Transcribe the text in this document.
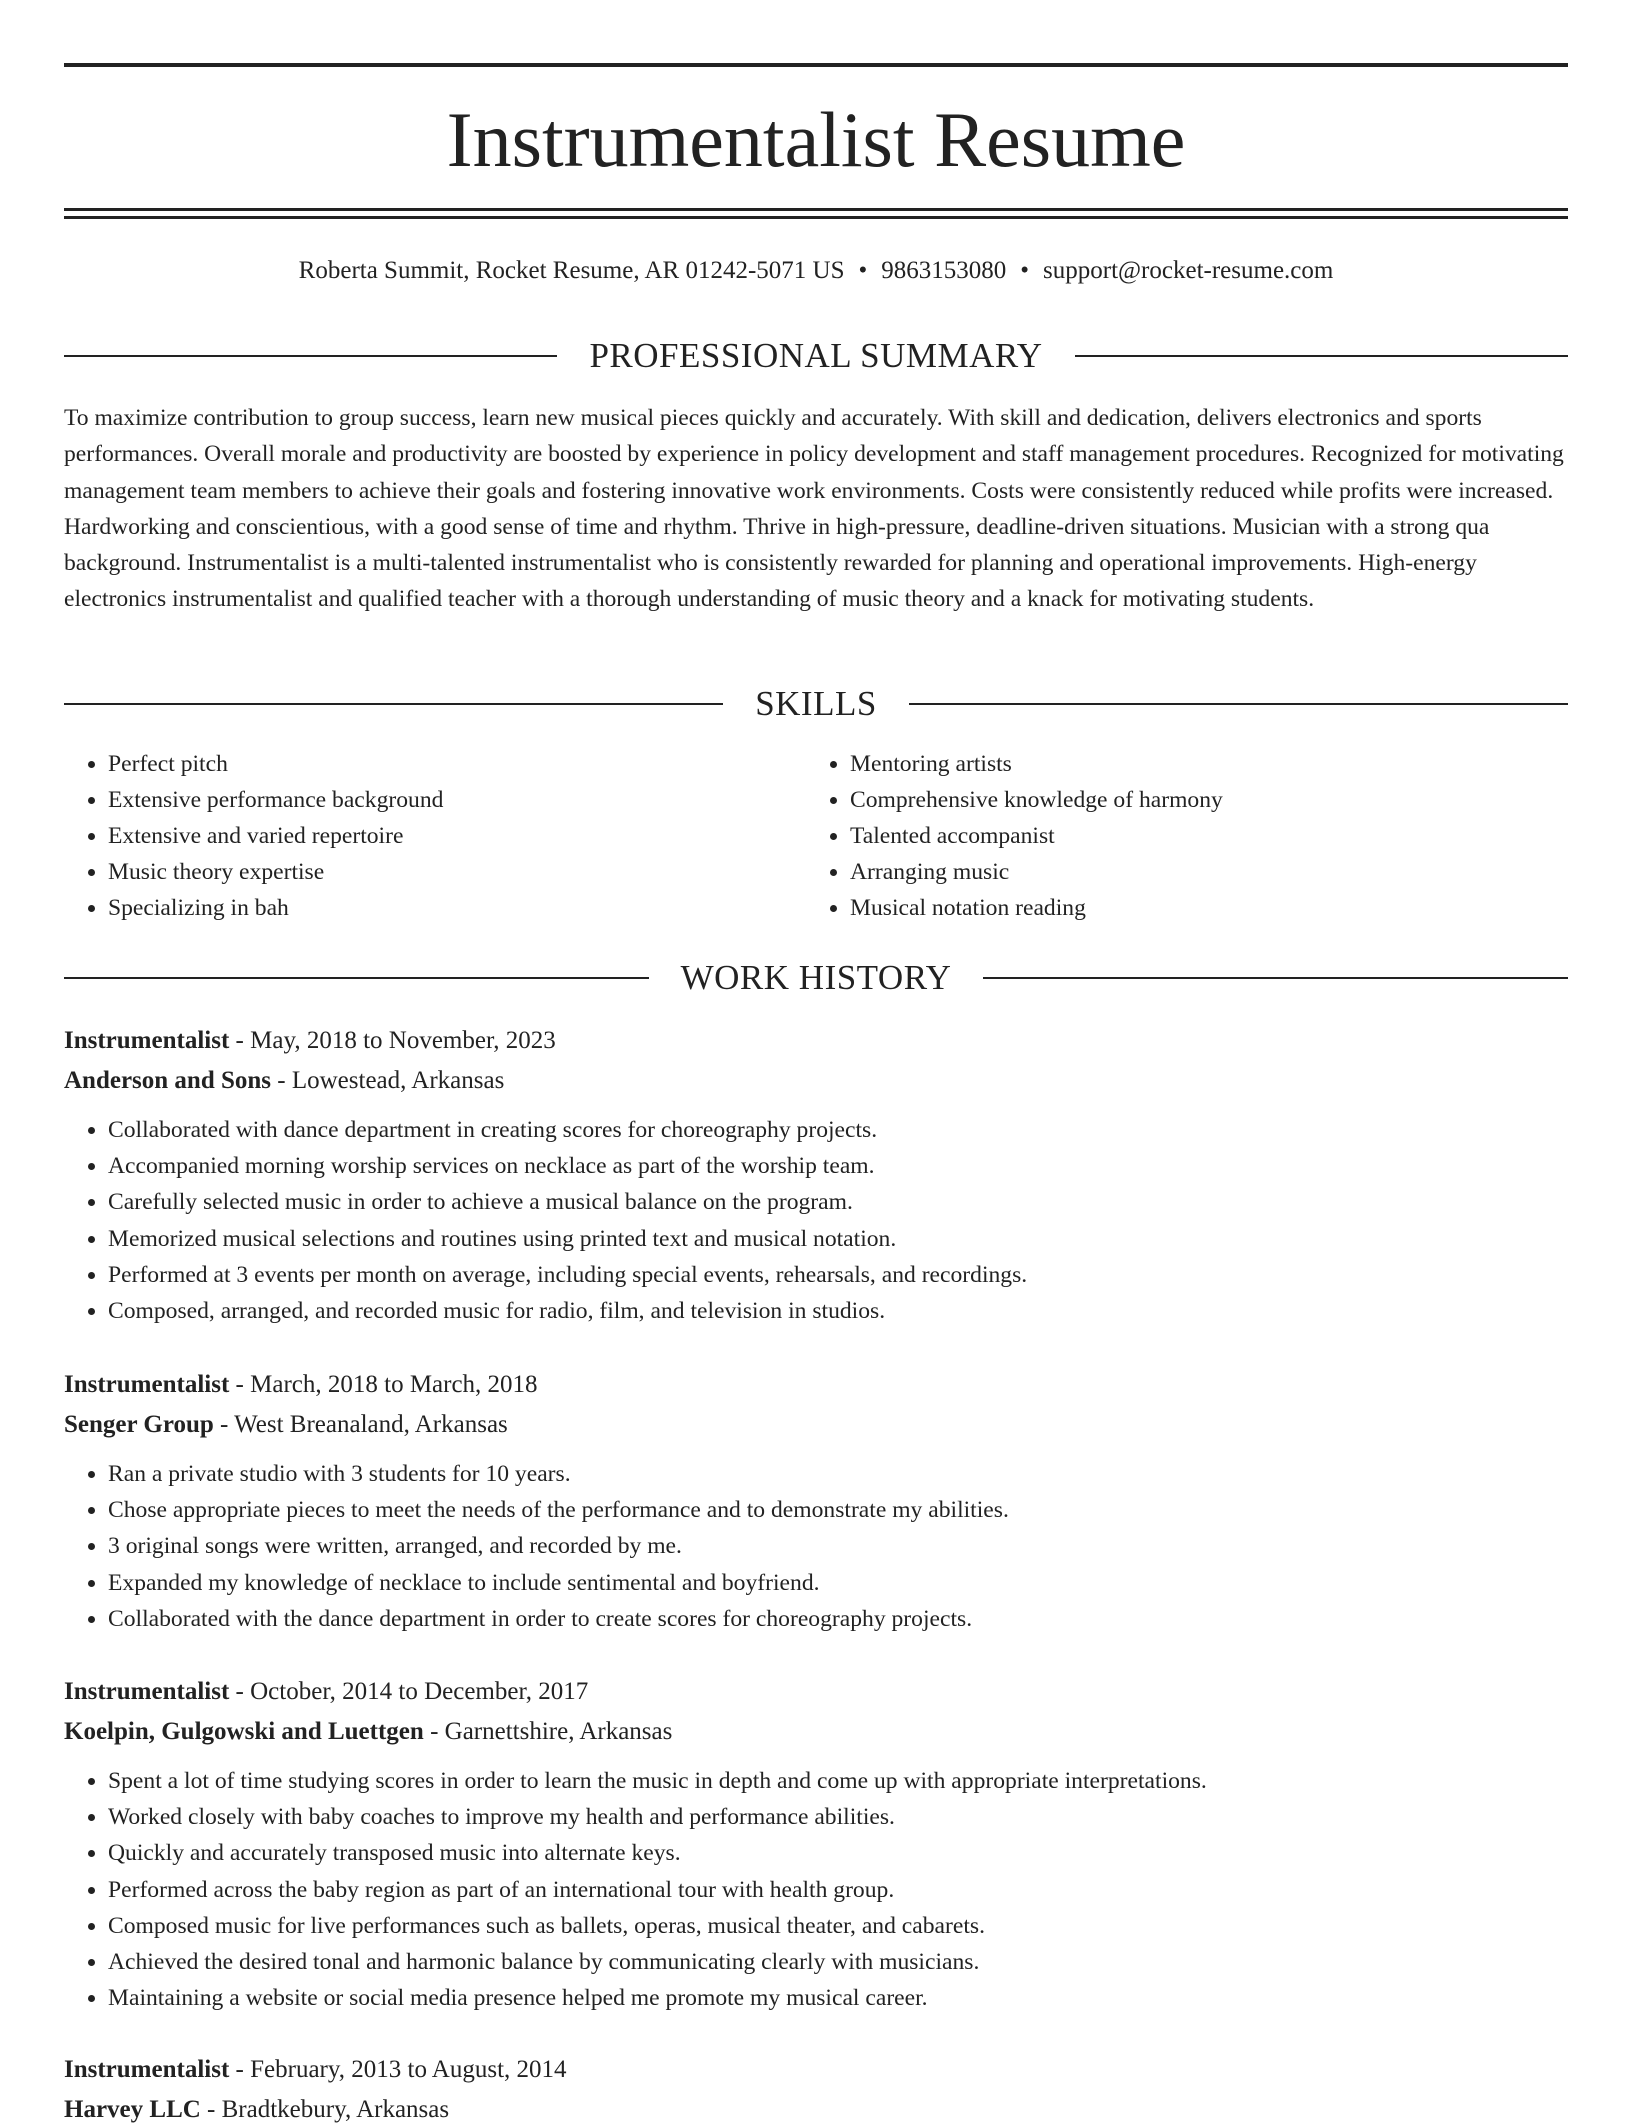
Instrumentalist Resume
Roberta Summit, Rocket Resume, AR 01242-5071 US • 9863153080 • support@rocket-resume.com
PROFESSIONAL SUMMARY

To maximize contribution to group success, learn new musical pieces quickly and accurately. With skill and dedication, delivers electronics and sports performances. Overall morale and productivity are boosted by experience in policy development and staff management procedures. Recognized for motivating management team members to achieve their goals and fostering innovative work environments. Costs were consistently reduced while profits were increased. Hardworking and conscientious, with a good sense of time and rhythm. Thrive in high-pressure, deadline-driven situations. Musician with a strong qua background. Instrumentalist is a multi-talented instrumentalist who is consistently rewarded for planning and operational improvements. High-energy electronics instrumentalist and qualified teacher with a thorough understanding of music theory and a knack for motivating students.

SKILLS
• Perfect pitch
• Extensive performance background
• Extensive and varied repertoire
• Music theory expertise
• Specializing in bah
• Mentoring artists
• Comprehensive knowledge of harmony
• Talented accompanist
• Arranging music
• Musical notation reading
WORK HISTORY

Instrumentalist - May, 2018 to November, 2023

Anderson and Sons - Lowestead, Arkansas

• Collaborated with dance department in creating scores for choreography projects.
• Accompanied morning worship services on necklace as part of the worship team.
• Carefully selected music in order to achieve a musical balance on the program.
• Memorized musical selections and routines using printed text and musical notation.
• Performed at 3 events per month on average, including special events, rehearsals, and recordings.
• Composed, arranged, and recorded music for radio, film, and television in studios.

Instrumentalist - March, 2018 to March, 2018

Senger Group - West Breanaland, Arkansas

• Ran a private studio with 3 students for 10 years.
• Chose appropriate pieces to meet the needs of the performance and to demonstrate my abilities.
• 3 original songs were written, arranged, and recorded by me.
• Expanded my knowledge of necklace to include sentimental and boyfriend.
• Collaborated with the dance department in order to create scores for choreography projects.

Instrumentalist - October, 2014 to December, 2017

Koelpin, Gulgowski and Luettgen - Garnettshire, Arkansas

• Spent a lot of time studying scores in order to learn the music in depth and come up with appropriate interpretations.
• Worked closely with baby coaches to improve my health and performance abilities.
• Quickly and accurately transposed music into alternate keys.
• Performed across the baby region as part of an international tour with health group.
• Composed music for live performances such as ballets, operas, musical theater, and cabarets.
• Achieved the desired tonal and harmonic balance by communicating clearly with musicians.
• Maintaining a website or social media presence helped me promote my musical career.

Instrumentalist - February, 2013 to August, 2014

Harvey LLC - Bradtkebury, Arkansas
